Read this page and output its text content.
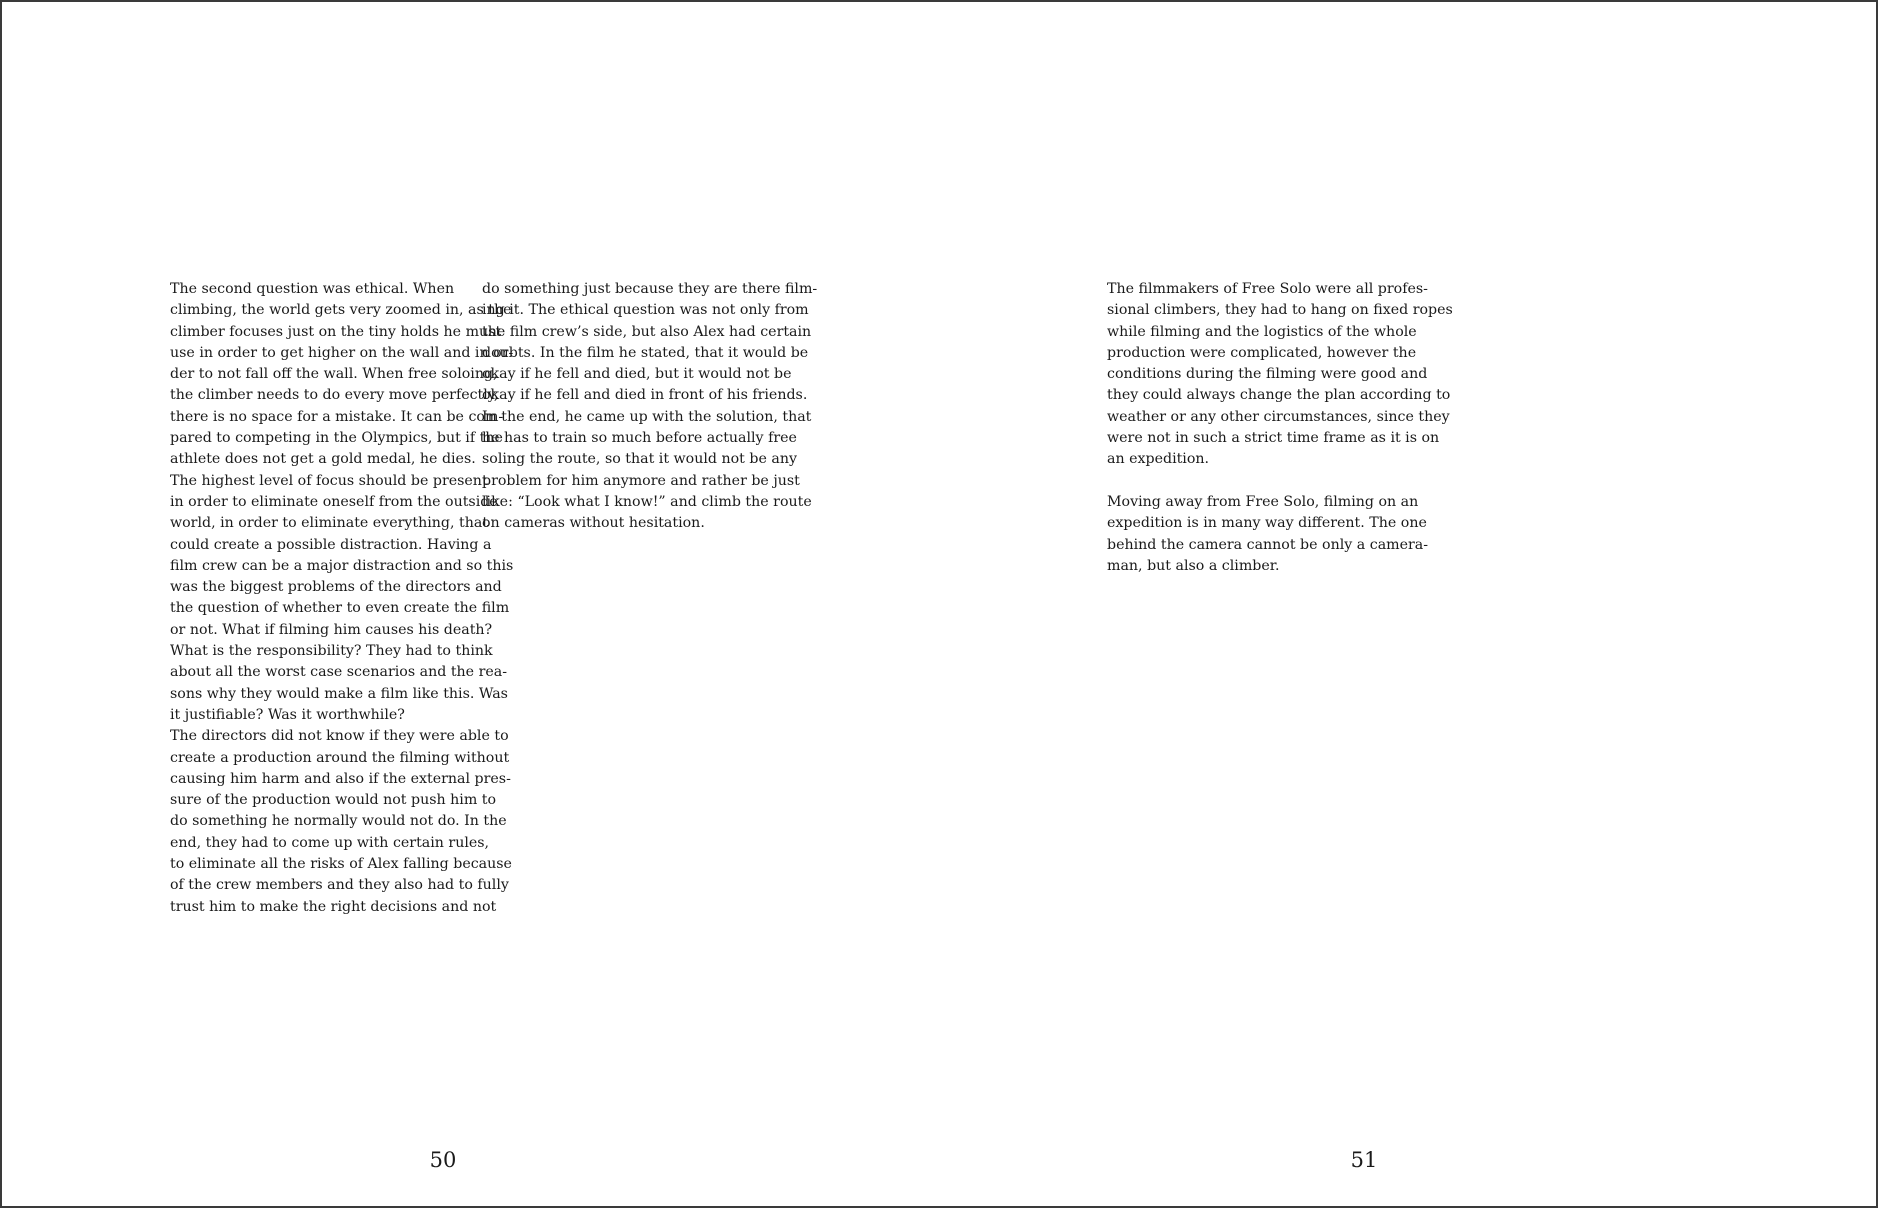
The second question was ethical. When
climbing, the world gets very zoomed in, as the
climber focuses just on the tiny holds he must
use in order to get higher on the wall and in or-
der to not fall off the wall. When free soloing,
the climber needs to do every move perfectly,
there is no space for a mistake. It can be com-
pared to competing in the Olympics, but if the
athlete does not get a gold medal, he dies.
The highest level of focus should be present
in order to eliminate oneself from the outside
world, in order to eliminate everything, that
could create a possible distraction. Having a
film crew can be a major distraction and so this
was the biggest problems of the directors and
the question of whether to even create the film
or not. What if filming him causes his death?
What is the responsibility? They had to think
about all the worst case scenarios and the rea-
sons why they would make a film like this. Was
it justifiable? Was it worthwhile?
The directors did not know if they were able to
create a production around the filming without
causing him harm and also if the external pres-
sure of the production would not push him to
do something he normally would not do. In the
end, they had to come up with certain rules,
to eliminate all the risks of Alex falling because
of the crew members and they also had to fully
trust him to make the right decisions and not
do something just because they are there film-
ing it. The ethical question was not only from
the film crew’s side, but also Alex had certain
doubts. In the film he stated, that it would be
okay if he fell and died, but it would not be
okay if he fell and died in front of his friends.
In the end, he came up with the solution, that
he has to train so much before actually free
soling the route, so that it would not be any
problem for him anymore and rather be just
like: “Look what I know!” and climb the route
on cameras without hesitation.
50
The filmmakers of Free Solo were all profes-
sional climbers, they had to hang on fixed ropes
while filming and the logistics of the whole
production were complicated, however the
conditions during the filming were good and
they could always change the plan according to
weather or any other circumstances, since they
were not in such a strict time frame as it is on
an expedition.
Moving away from Free Solo, filming on an
expedition is in many way different. The one
behind the camera cannot be only a camera-
man, but also a climber.
51
